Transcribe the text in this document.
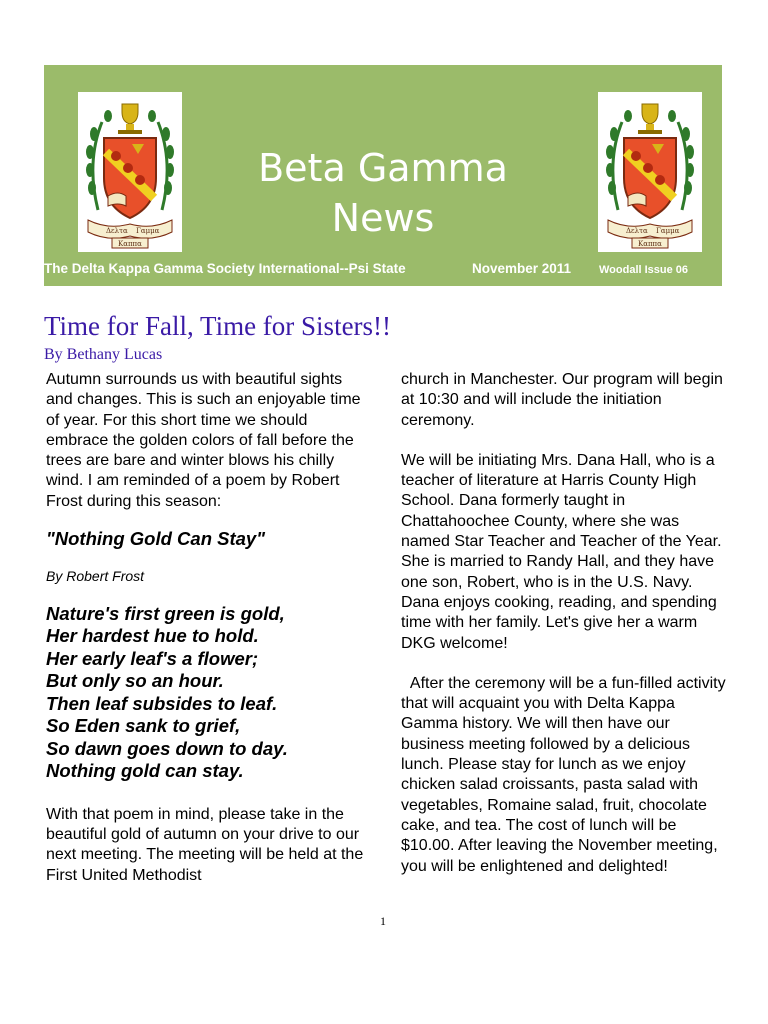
Δελτα Γαμμα
Καππα
Beta Gamma
News	Δελτα Γαμμα
Καππα
The Delta Kappa Gamma Society International--Psi State	November 2011	Woodall Issue 06
Time for Fall, Time for Sisters!!
By Bethany Lucas

Autumn surrounds us with beautiful sights and changes. This is such an enjoyable time of year. For this short time we should embrace the golden colors of fall before the trees are bare and winter blows his chilly wind. I am reminded of a poem by Robert Frost during this season:

"Nothing Gold Can Stay"

By Robert Frost

Nature's first green is gold,
Her hardest hue to hold.
Her early leaf's a flower;
But only so an hour.
Then leaf subsides to leaf.
So Eden sank to grief,
So dawn goes down to day.
Nothing gold can stay.

With that poem in mind, please take in the beautiful gold of autumn on your drive to our next meeting. The meeting will be held at the First United Methodist

church in Manchester. Our program will begin at 10:30 and will include the initiation ceremony.

We will be initiating Mrs. Dana Hall, who is a teacher of literature at Harris County High School. Dana formerly taught in Chattahoochee County, where she was named Star Teacher and Teacher of the Year. She is married to Randy Hall, and they have one son, Robert, who is in the U.S. Navy. Dana enjoys cooking, reading, and spending time with her family. Let's give her a warm DKG welcome!

After the ceremony will be a fun-filled activity that will acquaint you with Delta Kappa Gamma history. We will then have our business meeting followed by a delicious lunch. Please stay for lunch as we enjoy chicken salad croissants, pasta salad with vegetables, Romaine salad, fruit, chocolate cake, and tea. The cost of lunch will be $10.00. After leaving the November meeting, you will be enlightened and delighted!

1
